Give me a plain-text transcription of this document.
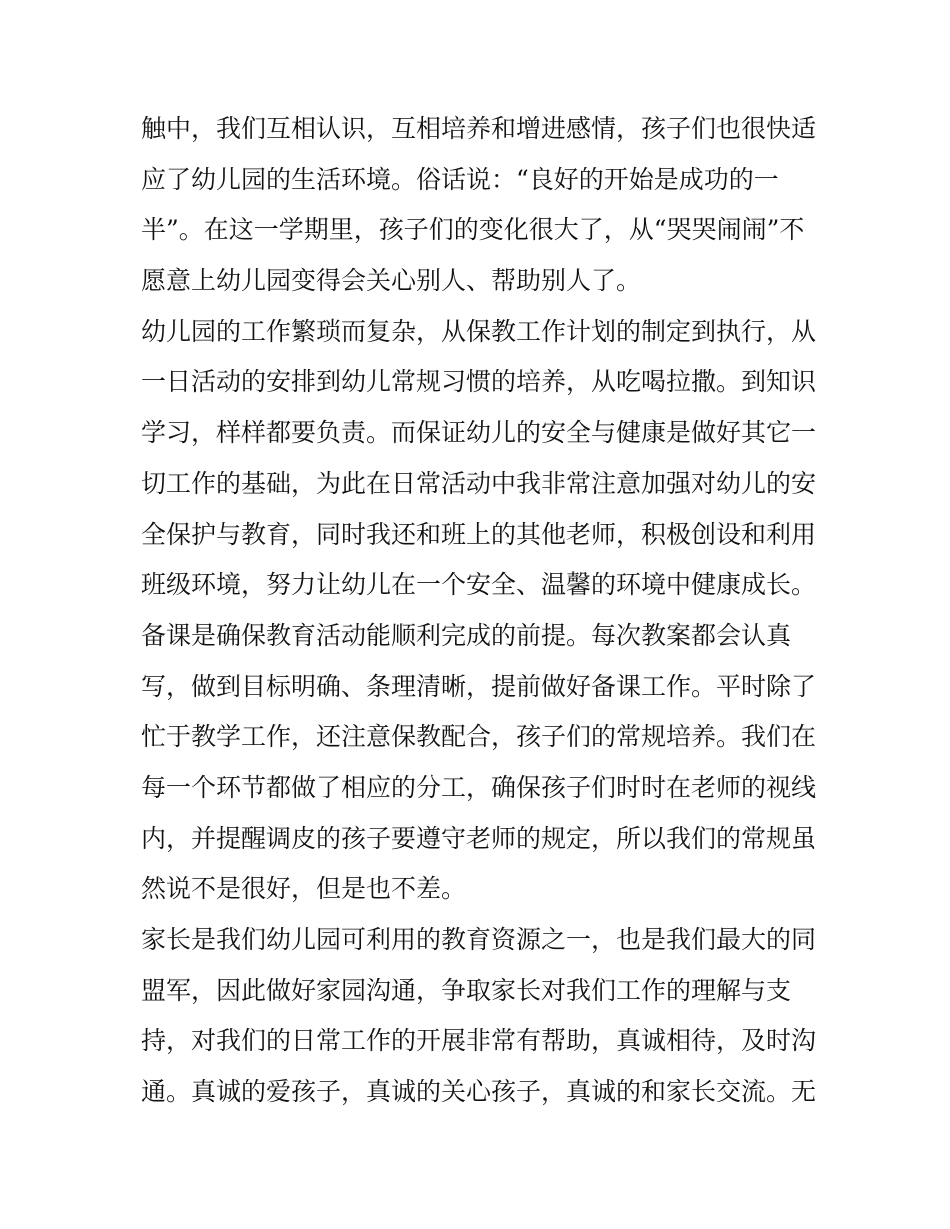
触中，我们互相认识，互相培养和增进感情，孩子们也很快适
应了幼儿园的生活环境。俗话说：“良好的开始是成功的一
半”。在这一学期里，孩子们的变化很大了，从“哭哭闹闹”不
愿意上幼儿园变得会关心别人、帮助别人了。
幼儿园的工作繁琐而复杂，从保教工作计划的制定到执行，从
一日活动的安排到幼儿常规习惯的培养，从吃喝拉撒。到知识
学习，样样都要负责。而保证幼儿的安全与健康是做好其它一
切工作的基础，为此在日常活动中我非常注意加强对幼儿的安
全保护与教育，同时我还和班上的其他老师，积极创设和利用
班级环境，努力让幼儿在一个安全、温馨的环境中健康成长。
备课是确保教育活动能顺利完成的前提。每次教案都会认真
写，做到目标明确、条理清晰，提前做好备课工作。平时除了
忙于教学工作，还注意保教配合，孩子们的常规培养。我们在
每一个环节都做了相应的分工，确保孩子们时时在老师的视线
内，并提醒调皮的孩子要遵守老师的规定，所以我们的常规虽
然说不是很好，但是也不差。
家长是我们幼儿园可利用的教育资源之一，也是我们最大的同
盟军，因此做好家园沟通，争取家长对我们工作的理解与支
持，对我们的日常工作的开展非常有帮助，真诚相待，及时沟
通。真诚的爱孩子，真诚的关心孩子，真诚的和家长交流。无
